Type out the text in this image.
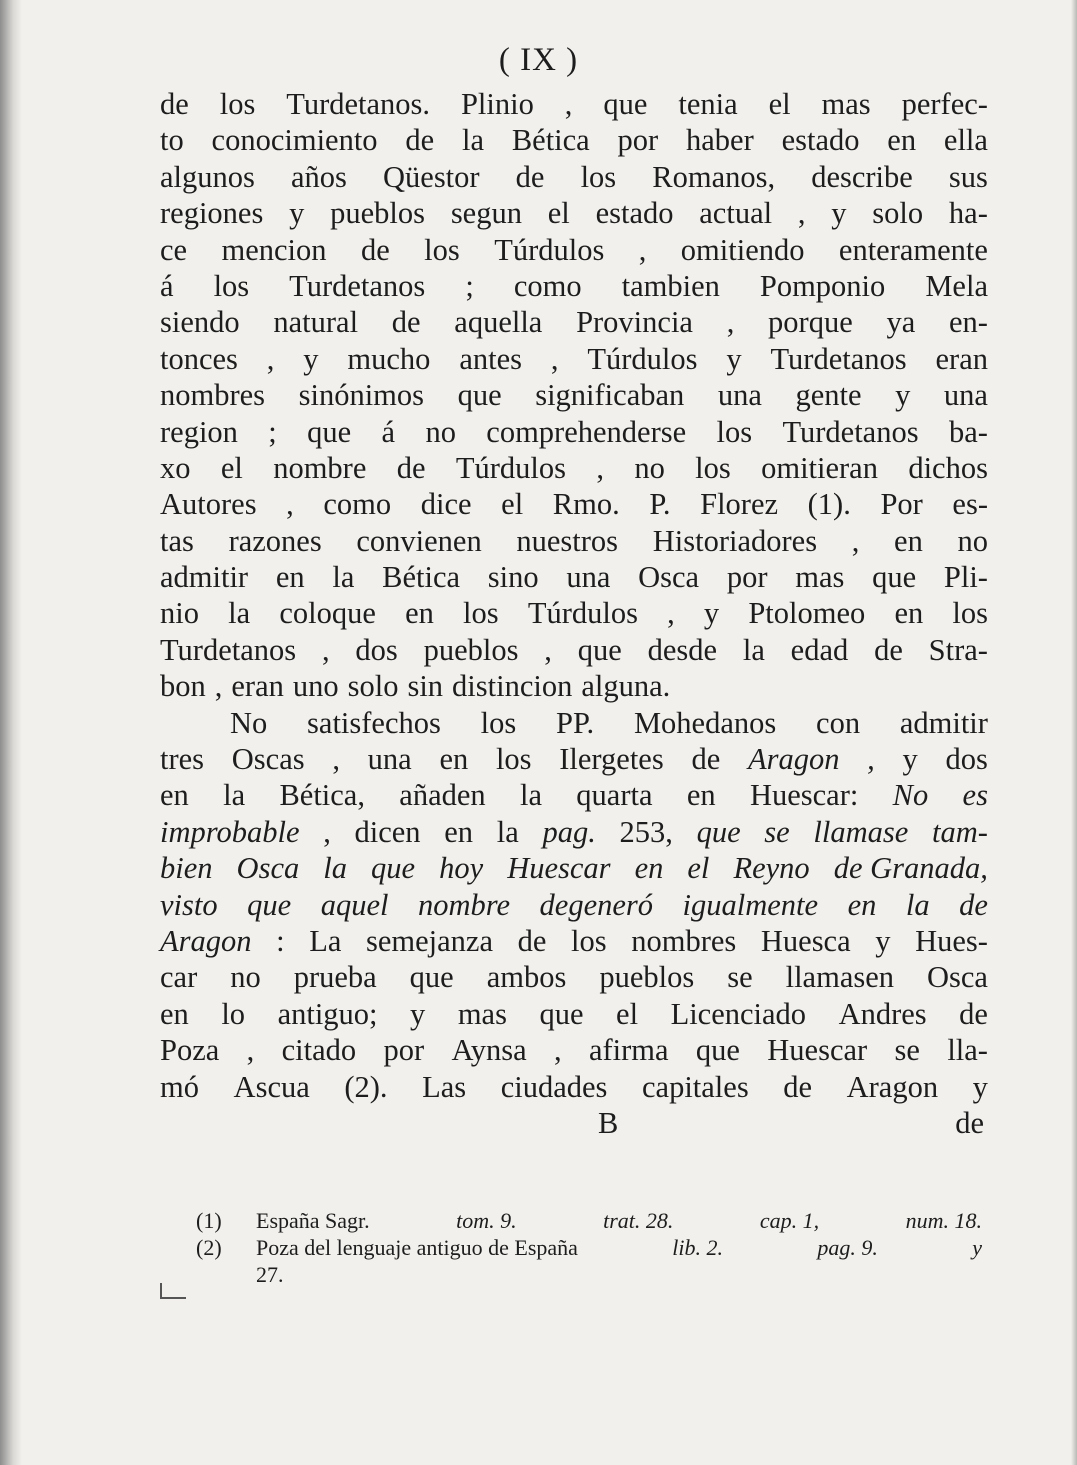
( IX )
de los Turdetanos. Plinio , que tenia el mas perfec-
to conocimiento de la Bética por haber estado en ella
algunos años Qüestor de los Romanos, describe sus
regiones y pueblos segun el estado actual , y solo ha-
ce mencion de los Túrdulos , omitiendo enteramente
á los Turdetanos ; como tambien Pomponio Mela
siendo natural de aquella Provincia , porque ya en-
tonces , y mucho antes , Túrdulos y Turdetanos eran
nombres sinónimos que significaban una gente y una
region ; que á no comprehenderse los Turdetanos ba-
xo el nombre de Túrdulos , no los omitieran dichos
Autores , como dice el Rmo. P. Florez (1). Por es-
tas razones convienen nuestros Historiadores , en no
admitir en la Bética sino una Osca por mas que Pli-
nio la coloque en los Túrdulos , y Ptolomeo en los
Turdetanos , dos pueblos , que desde la edad de Stra-
bon , eran uno solo sin distincion alguna.
No satisfechos los PP. Mohedanos con admitir
tres Oscas , una en los Ilergetes de Aragon , y dos
en la Bética, añaden la quarta en Huescar: No es
improbable , dicen en la pag. 253, que se llamase tam-
bien Osca la que hoy Huescar en el Reyno de Granada,
visto que aquel nombre degeneró igualmente en la de
Aragon : La semejanza de los nombres Huesca y Hues-
car no prueba que ambos pueblos se llamasen Osca
en lo antiguo; y mas que el Licenciado Andres de
Poza , citado por Aynsa , afirma que Huescar se lla-
mó Ascua (2). Las ciudades capitales de Aragon y
B	de
(1)	España Sagr.	tom. 9.	trat. 28.	cap. 1,	num. 18.
(2)	Poza del lenguaje antiguo de España	lib. 2.	pag. 9.	y
27.
